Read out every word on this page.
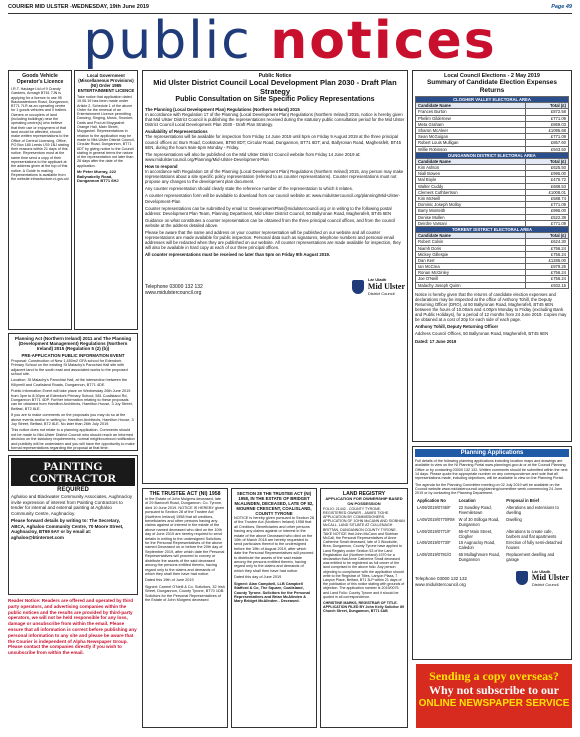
COURIER MID ULSTER -WEDNESDAY, 19th June 2019	Page 49
public notices
Goods Vehicle Operator's Licence

I.R.T. Haulage Ltd of 9 Crandy Gardens, Armagh BT61 7JN is applying for a licence to use 95 Blackwatertown Road, Dungannon, BT71 7LR as an operating centre for 1 goods vehicles and 0 trailers. Owners or occupiers of land (including buildings) near the operating centre(s) who believe that their use or enjoyment of that land would be affected, should make written representations to the Office of Central Licensing, Office, PO Box 180 Leeds LS9 1BJ stating their reasons within 21 days of this notice. Representors must at the same time send a copy of their representations to the applicant at the address given at the top of this notice. A Guide to making Representations is available from the website infrastructure-ni.gov.uk/

Local Government (Miscellaneous Provisions) (NI) Order 1985 ENTERTAINMENT LICENCE

Take notice that application dated 19.06.19 has been made under Article 2, Schedule 1 of the above Order for the renewal of an Entertainment Licence permitting Dancing, Singing, Music, Snooker, Darts and Pool at Moygashel Orange Hall, Main Street, Moygashel. Representations in relation to the application may be made to Mid-Ulster District Council, Circular Road, Dungannon, BT71 6DT by giving notice to the Council stating in general terms the nature of the representation not later than 28 days after the date of the application.

Mr Peter Murray, 222 Ballynakelly Road, Dungannon BT71 6HJ

Planning Act (Northern Ireland) 2011 and The Planning (Development Management) Regulations (Northern Ireland) 2015 (Regulation 5 (2) (b))
PRE-APPLICATION PUBLIC INFORMATION EVENT

Proposal: Construction of New 1,450m2 GFA school for Edendork Primary School on the existing St Malachy's Parochial Hall site with adjacent land to the south east and associated works to the proposed school site.

Location: St Malachy's Parochial Hall, at the intersection between the Killyneill and Coalisland Roads, Dungannon, BT71 4DE.

Public Information Event will take place on Wednesday 26th June 2019 from 3pm to 8:30pm at Edendork Primary School, 581 Coalisland Rd, Dungannon BT71 4DP. Further information relating to these proposals can be obtained from Hamilton Architects, Hamilton House, 3 Joy Street, Belfast, BT2 8LE.

If you are to make comments on the proposals you may do so at the above events and/or in writing to: Hamilton Architects, Hamilton House, 3 Joy Street, Belfast, BT2 8LE. No later than 26th July 2019.

This notice does not relate to a planning application. Comments should not be made to Mid-Ulster District Council who should reach an informed decision on the statutory requirements, normal neighbourhood notification and publicity will be undertaken and you will have the opportunity to make formal representations regarding the proposal at that time.

PAINTING CONTRACTOR
REQUIRED

Aghaloo and Blackwater Community Associates, Aughnacloy invite expression of interest from Painting Contractors to tender for internal and external painting at Aghaloo Community Centre, Aughnacloy.

Please forward details by writing to: The Secretary, ABCA, Aghaloo Community Centre, 70 Moore Street, Aughnacloy, BT69 6AY or by email at: aghaloo@btinternet.com

Reader Notice: Readers are offered and operated by third party operators, and advertising companies within the public notices and the results are provided by third-party operators, we will not be held responsible for any loss, damage or unsubscribe from within the email. Please ensure that all information is correct before publishing any personal information to any site and please be aware that the Courier is independent of Alpha Newspaper Group. Please contact the companies directly if you wish to unsubscribe from within the email.

Public Notice
Mid Ulster District Council Local Development Plan 2030 - Draft Plan Strategy
Public Consultation on Site Specific Policy Representations
The Planning (Local Development Plan) Regulations (Northern Ireland) 2015

In accordance with Regulation 17 of the Planning (Local Development Plan) Regulations (Northern Ireland) 2015, notice is hereby given that Mid Ulster District Council is publishing the representations received during the statutory public consultation period for the Mid Ulster District Council Local Development Plan 2030 - Draft Plan Strategy.

Availability of Representations

The representations will be available for inspection from Friday 14 June 2019 until 5pm on Friday 9 August 2019 at the three principal council offices at: Burn Road, Cookstown, BT80 8DT; Circular Road, Dungannon, BT71 6DT; and, Ballyronan Road, Magherafelt, BT45 6EN, during the hours 9am-5pm Monday - Friday.

The representations will also be published on the Mid Ulster District Council website from Friday 14 June 2019 at: www.midulstercouncil.org/Planning/Mid-Ulster-Development-Plan

How to respond

In accordance with Regulation 18 of the Planning (Local Development Plan) Regulations (Northern Ireland) 2015, any person may make representations about a site specific policy representation (referred to as counter representations). Counter representations must not propose any changes to the development plan document.

Any counter representation should clearly state the reference number of the representation to which it relates.

A counter representation form will be available to download from our council website at: www.midulstercouncil.org/planning/Mid-Ulster-Development-Plan

Counter representations can be submitted by email to: DevelopmentPlan@midulstercouncil.org or in writing to the following postal address: Development Plan Team, Planning Department, Mid Ulster District Council, 50 Ballyronan Road, Magherafelt, BT45 6EN

Guidance on what constitutes a counter representation can be obtained from the three principal council offices, and from the council website at the address detailed above.

Please be aware that the name and address on your counter representation will be published on our website and all counter representations are made available for public inspection. Personal data such as signatures, telephone numbers and personal email addresses will be redacted when they are published on our website. All counter representations are made available for inspection, they will also be available in hard copy at each of our three principal offices.

All counter representations must be received no later than 5pm on Friday 9th August 2019.

Telephone 03000 132 132
www.midulstercouncil.org
Lár Uladh
Mid Ulster
District Council
THE TRUSTEE ACT (NI) 1958

In the Estate of John Mulgrew deceased, late of 29 Bancroft Road, Dungannon. Co. Tyrone, died 10 June 2019. NOTICE IS HEREBY given pursuant to Section 28 of the Trustee Act (Northern Ireland) 1958 that all creditors, beneficiaries and other persons having any claims against or interest in the estate of the above named deceased who died on the 10th day of June 2019 are hereby required to send details in writing to the undersigned Solicitors for the Personal Representatives of the above named Deceased on or before the 20th day of September 2019, after which date the Personal Representatives will proceed to convey or distribute the assets of the said deceased among the persons entitled thereto, having regard only to the claims and demands of which they shall then have had notice.

Dated this 19th of June 2019

Signed: Carmel O'Neill & Co. Solicitors, 32 Irish Street, Dungannon, County Tyrone, BT70 1DB. Solicitors for the Personal Representatives of the Estate of John Mulgrew deceased

SECTION 28 THE TRUSTEE ACT (NI) 1958, IN THE ESTATE OF BRIDGET McALINDEN, DECEASED, LATE OF 82, MOURNE CRESCENT, COALISLAND, COUNTY TYRONE

NOTICE is hereby given pursuant to Section 28 of the Trustee Act (Northern Ireland) 1958 that all Creditors, Beneficiaries and other persons having any claims against or interest in the estate of the above Deceased who died on the 10th of March 2018 are hereby requested to send particulars thereof to the undersigned before the 19th of August 2019, after which date the Personal Representatives will proceed to distribute the assets of the said estate among the persons entitled thereto, having regard only to the claims and demands of which they shall then have had notice.

Dated this day of June 2019

Signed: Alan Campbell, LLB Campbell Stafford & Co, The Square, Coalisland, County Tyrone. Solicitors for the Personal Representatives and Brian McAlinden & Mary Bridget McAlinden - Deceased.

LAND REGISTRY
APPLICATION FOR OWNERSHIP BASED ON POSSESSION

FOLIO: 21442 - COUNTY TYRONE. REGISTERED OWNER - JAMES TIGHE. APPLICATION BY COMMISSIONERS. APPLICATION OF JOHN McCANN AND SIOBHAN McCALL. LAND SITUATE AT CULLENAGH BRITTAN, DUNGANNON COUNTY TYRONE. TAKE NOTICE that John McCann and Siobhan McCall, the Personal Representatives of Anne Catherine Small deceased, late of 3 Woodside, Brea, Dungannon, County Tyrone have applied to Land Registry under Section 53 of the Land Registration Act (Northern Ireland) 1970 for a declaration that Anne Catherine Small deceased was entitled to be registered as full owner of the land comprised in the above folio. Any person objecting to compliance with the application should write to the Registrar of Titles, Lanyon Plaza, 7 Lanyon Place, Belfast, BT1 3LP within 21 days of the publication of this notice stating with grounds of objection. The application number is 2019/0075 and Land Folio: County Tyrone and it should be quoted in all correspondence.

CHRISTINE MARKS, REGISTRAR OF TITLE. APPLICATION FILED BY John Kelly Solicitor 89 Church Street, Dungannon, BT71 6AB

Local Council Elections - 2 May 2019
Summary of Candidate Election Expenses Returns
CLOGHER VALLEY ELECTORAL AREA	
Candidate Name	Total (£)
Frances Burton	£872.58
Phelim Gildernew	£771.09
Meta Graham	£869.03
Sharon McAleer	£1095.68
Sean McGuigan	£771.09
Robert Louis Mulligan	£857.60
Willie Robinson	£943.50
DUNGANNON DISTRICT ELECTORAL AREA	
Candidate Name	Total (£)
Kim Ashton	£625.50
Niall Bowen	£995.00
Mal Boyle	£475.72
Walter Cuddy	£688.53
Clement Cuthbertson	£1008.01
Kim McNeill	£588.74
Dominic Joseph Molloy	£771.09
Barry Monteith	£995.00
Denise Mullen	£522.38
Deirdre Varsani	£771.09
TORRENT DISTRICT ELECTORAL AREA	
Candidate Name	Total (£)
Robert Colvin	£624.30
Niamh Doris	£756.24
Mickey Gillespie	£756.24
Dan Kerr	£1285.00
Ian McCrea	£979.25
Ronan McGinley	£756.24
Joe O'Neill	£756.24
Malachy Joseph Quinn	£932.15

Notice is hereby given that the returns of candidate election expenses and declarations may be inspected at the office of Anthony Tohill, the Deputy Returning Officer (DRO), at 50 Ballyronan Road, Magherafelt, BT45 6EN between the hours of 10.00am and 4.00pm Monday to Friday (excluding Bank and Public Holidays), for a period of 12 months from 24 June 2019. Copies may be obtained at a cost of 20p for each side of each page.

Anthony Tohill, Deputy Returning Officer

Address Council Offices, 50 Ballyronan Road, Magherafelt, BT45 6EN

Dated: 17 June 2019

Planning Applications

Full details of the following planning applications including location maps and drawings are available to view on the NI Planning Portal www.planningni.gov.uk or at the Council Planning Office or by contacting 03000 132 132. Written comments should be submitted within the next 14 days. Please quote the appropriate number on any correspondence and note that all representations made, including objections, will be available to view on the Planning Portal.

The agenda for the Planning Committee meeting on 02 July 2019 will be available on the Council website www.midulstercouncil.org/planning/committee week commencing 24 June 2019 or by contacting the Planning Department.

Application No	Location	Proposal in Brief
LA09/2019/0746/F	22 Sowdley Road, Fivemiletown	Alterations and extensions to dwelling
LA09/2019/0770/RM	W of 30 Stilloga Road, Dungannon	Dwelling
LA09/2019/0771/F	65-67 Main Street, Clogher	Alterations to create cafe, barbers and flat apartments
LA09/2019/0773/F	15 Augnacloy Road, Caledon	Erection of fully semi-detached houses
LA09/2019/0781/O	65 Mullaghmore Road, Dungannon	Replacement dwelling and garage
Telephone 03000 132 132
www.midulstercouncil.org
Lár Uladh
Mid Ulster
District Council
Sending a copy overseas?
Why not subscribe to our
ONLINE NEWSPAPER SERVICE
